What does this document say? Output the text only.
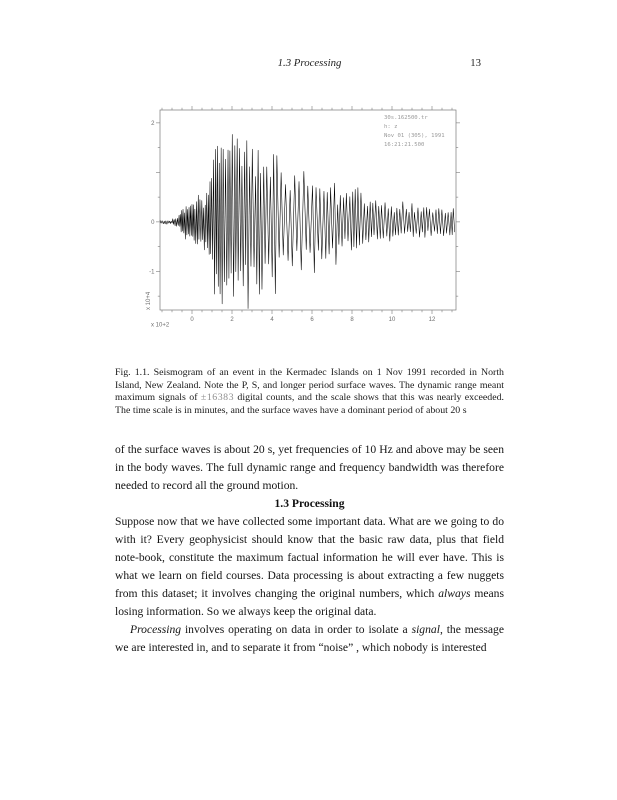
1.3 Processing	13
0	2	4	6	8	10	12
-1
0
2
x 10+2
x 10+4
30s.162500.tr
h: z
Nov 01 (305), 1991
16:21:21.500

Fig. 1.1. Seismogram of an event in the Kermadec Islands on 1 Nov 1991 recorded in North Island, New Zealand. Note the P, S, and longer period surface waves. The dynamic range meant maximum signals of ±16383 digital counts, and the scale shows that this was nearly exceeded. The time scale is in minutes, and the surface waves have a dominant period of about 20 s

of the surface waves is about 20 s, yet frequencies of 10 Hz and above may be seen in the body waves. The full dynamic range and frequency bandwidth was therefore needed to record all the ground motion.

1.3 Processing

Suppose now that we have collected some important data. What are we going to do with it? Every geophysicist should know that the basic raw data, plus that field note-book, constitute the maximum factual information he will ever have. This is what we learn on field courses. Data processing is about extracting a few nuggets from this dataset; it involves changing the original numbers, which always means losing information. So we always keep the original data.

Processing involves operating on data in order to isolate a signal, the message we are interested in, and to separate it from “noise” , which nobody is interested
